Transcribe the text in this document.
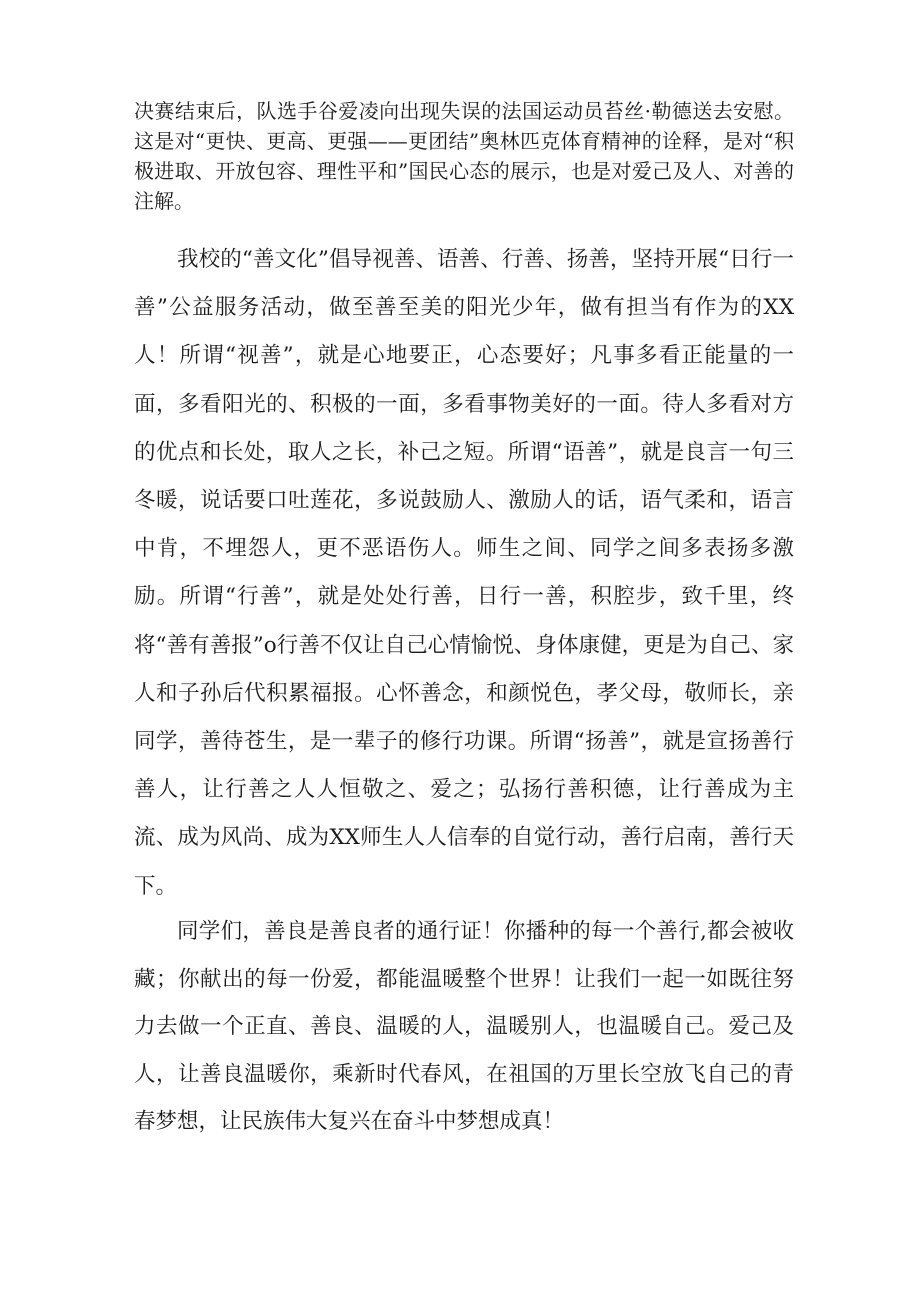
决赛结束后，队选手谷爱凌向出现失误的法国运动员苔丝·勒德送去安慰。这是对“更快、更高、更强——更团结”奥林匹克体育精神的诠释，是对“积极进取、开放包容、理性平和”国民心态的展示，也是对爱己及人、对善的注解。

我校的“善文化”倡导视善、语善、行善、扬善，坚持开展“日行一善”公益服务活动，做至善至美的阳光少年，做有担当有作为的XX人！所谓“视善”，就是心地要正，心态要好；凡事多看正能量的一面，多看阳光的、积极的一面，多看事物美好的一面。待人多看对方的优点和长处，取人之长，补己之短。所谓“语善”，就是良言一句三冬暖，说话要口吐莲花，多说鼓励人、激励人的话，语气柔和，语言中肯，不埋怨人，更不恶语伤人。师生之间、同学之间多表扬多激励。所谓“行善”，就是处处行善，日行一善，积腔步，致千里，终将“善有善报”o行善不仅让自己心情愉悦、身体康健，更是为自己、家人和子孙后代积累福报。心怀善念，和颜悦色，孝父母，敬师长，亲同学，善待苍生，是一辈子的修行功课。所谓“扬善”，就是宣扬善行善人，让行善之人人恒敬之、爱之；弘扬行善积德，让行善成为主流、成为风尚、成为XX师生人人信奉的自觉行动，善行启南，善行天下。

同学们，善良是善良者的通行证！你播种的每一个善行,都会被收藏；你献出的每一份爱，都能温暖整个世界！让我们一起一如既往努力去做一个正直、善良、温暖的人，温暖别人，也温暖自己。爱己及人，让善良温暖你，乘新时代春风，在祖国的万里长空放飞自己的青春梦想，让民族伟大复兴在奋斗中梦想成真！
